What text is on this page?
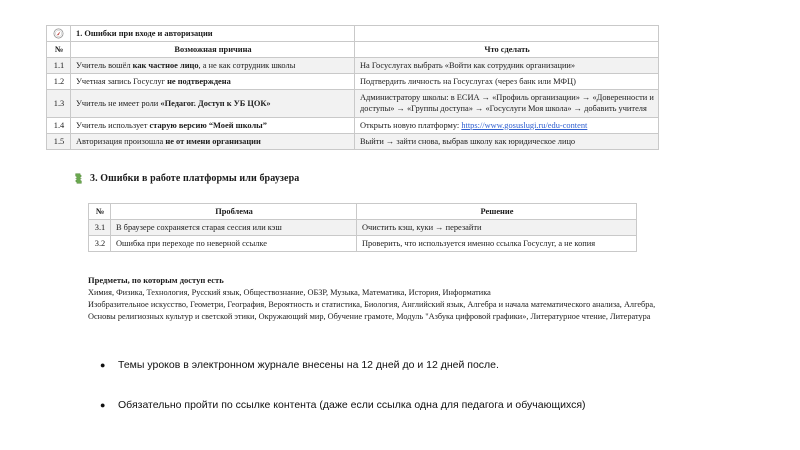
	1. Ошибки при входе и авторизации	
№	Возможная причина	Что сделать
1.1	Учитель вошёл как частное лицо, а не как сотрудник школы	На Госуслугах выбрать «Войти как сотрудник организации»
1.2	Учетная запись Госуслуг не подтверждена	Подтвердить личность на Госуслугах (через банк или МФЦ)
1.3	Учитель не имеет роли «Педагог. Доступ к УБ ЦОК»	Администратору школы: в ЕСИА → «Профиль организации» → «Доверенности и доступы» → «Группы доступа» → «Госуслуги Моя школа» → добавить учителя
1.4	Учитель использует старую версию “Моей школы”	Открыть новую платформу: https://www.gosuslugi.ru/edu-content
1.5	Авторизация произошла не от имени организации	Выйти → зайти снова, выбрав школу как юридическое лицо
3. Ошибки в работе платформы или браузера
№	Проблема	Решение
3.1	В браузере сохраняется старая сессия или кэш	Очистить кэш, куки → перезайти
3.2	Ошибка при переходе по неверной ссылке	Проверить, что используется именно ссылка Госуслуг, а не копия
Предметы, по которым доступ есть
Химия, Физика, Технология, Русский язык, Обществознание, ОБЗР, Музыка, Математика, История, Информатика
Изобразительное искусство, Геометри, География, Вероятность и статистика, Биология, Английский язык, Алгебра и начала математического анализа, Алгебра, Основы религиозных культур и светской этики, Окружающий мир, Обучение грамоте, Модуль "Азбука цифровой графики», Литературное чтение, Литература
●	Темы уроков в электронном журнале внесены на 12 дней до и 12 дней после.
●	Обязательно пройти по ссылке контента (даже если ссылка одна для педагога и обучающихся)
